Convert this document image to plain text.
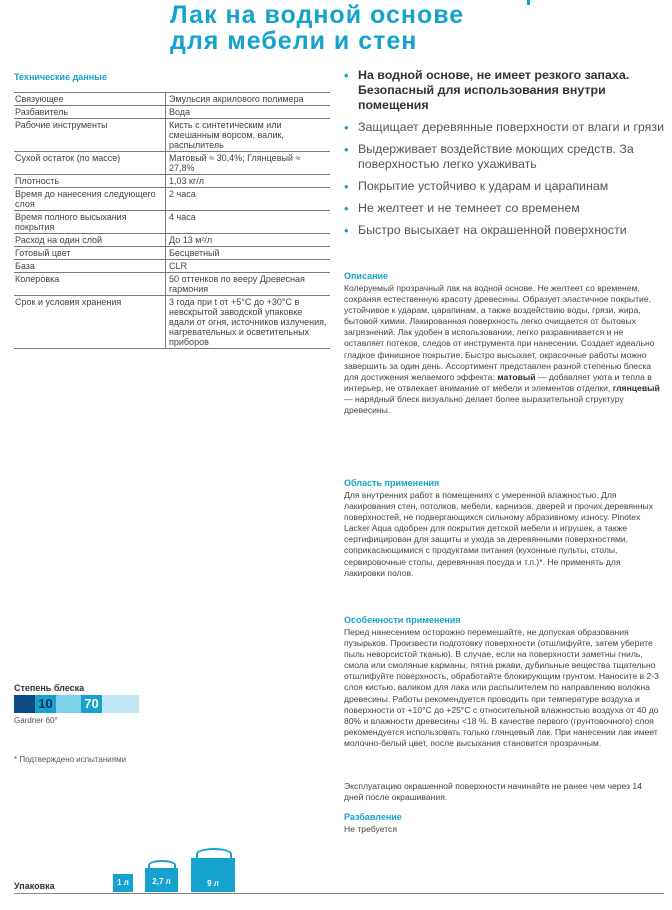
Лак на водной основе
для мебели и стен
Технические данные
Связующее	Эмульсия акрилового полимера
Разбавитель	Вода
Рабочие инструменты	Кисть с синтетическим или смешанным ворсом, валик, распылитель
Сухой остаток (по массе)	Матовый ≈ 30,4%; Глянцевый ≈ 27,8%
Плотность	1,03 кг/л
Время до нанесения следующего слоя	2 часа
Время полного высыхания покрытия	4 часа
Расход на один слой	До 13 м²/л
Готовый цвет	Бесцветный
База	CLR
Колеровка	50 оттенков по вееру Древесная гармония
Срок и условия хранения	3 года при t от +5°С до +30°С в невскрытой заводской упаковке вдали от огня, источников излучения, нагревательных и осветительных приборов
Степень блеска
10 70
Gardner 60°
* Подтверждено испытаниями
• На водной основе, не имеет резкого запаха. Безопасный для использования внутри помещения
• Защищает деревянные поверхности от влаги и грязи
• Выдерживает воздействие моющих средств. За поверхностью легко ухаживать
• Покрытие устойчиво к ударам и царапинам
• Не желтеет и не темнеет со временем
• Быстро высыхает на окрашенной поверхности
Описание
Колеруемый прозрачный лак на водной основе. Не желтеет со временем, сохраняя естественную красоту древесины. Образует эластичное покрытие, устойчивое к ударам, царапинам, а также воздействию воды, грязи, жира, бытовой химии. Лакированная поверхность легко очищается от бытовых загрязнений. Лак удобен в использовании, легко разравнивается и не оставляет потеков, следов от инструмента при нанесении. Создает идеально гладкое финишное покрытие. Быстро высыхает, окрасочные работы можно завершить за один день. Ассортимент представлен разной степенью блеска для достижения желаемого эффекта: матовый — добавляет уюта и тепла в интерьер, не отвлекает внимание от мебели и элементов отделки, глянцевый — нарядный блеск визуально делает более выразительной структуру древесины.
Область применения
Для внутренних работ в помещениях с умеренной влажностью. Для лакирования стен, потолков, мебели, карнизов, дверей и прочих деревянных поверхностей, не подвергающихся сильному абразивному износу. Pinotex Lacker Aqua одобрен для покрытия детской мебели и игрушек, а также сертифицирован для защиты и ухода за деревянными поверхностями, соприкасающимися с продуктами питания (кухонные пульты, столы, сервировочные столы, деревянная посуда и т.п.)*. Не применять для лакировки полов.
Особенности применения
Перед нанесением осторожно перемешайте, не допуская образования пузырьков. Произвести подготовку поверхности (отшлифуйте, затем уберите пыль неворсистой тканью). В случае, если на поверхности заметны гниль, смола или смоляные карманы, пятна ржави, дубильные вещества тщательно отшлифуйте поверхность, обработайте блокирующим грунтом. Наносите в 2-3 слоя кистью, валиком для лака или распылителем по направлению волокна древесины. Работы рекомендуется проводить при температуре воздуха и поверхности от +10°С до +25°С с относительной влажностью воздуха от 40 до 80% и влажности древесины <18 %. В качестве первого (грунтовочного) слоя рекомендуется использовать только глянцевый лак. При нанесении лак имеет молочно-белый цвет, после высыхания становится прозрачным.
Эксплуатацию окрашенной поверхности начинайте не ранее чем через 14 дней после окрашивания.
Разбавление
Не требуется
Упаковка	1 л	2,7 л	9 л
